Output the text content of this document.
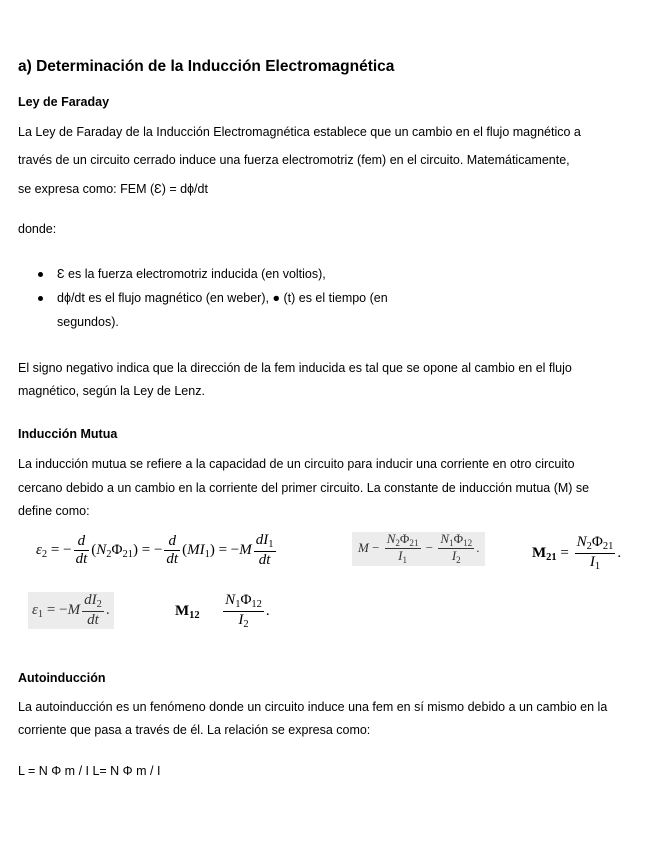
a) Determinación de la Inducción Electromagnética
Ley de Faraday
La Ley de Faraday de la Inducción Electromagnética establece que un cambio en el flujo magnético a
través de un circuito cerrado induce una fuerza electromotriz (fem) en el circuito. Matemáticamente,
se expresa como: FEM (Ɛ) = dϕ/dt
donde:
Ɛ es la fuerza electromotriz inducida (en voltios),
dϕ/dt es el flujo magnético (en weber), ● (t) es el tiempo (en
segundos).
El signo negativo indica que la dirección de la fem inducida es tal que se opone al cambio en el flujo
magnético, según la Ley de Lenz.
Inducción Mutua
La inducción mutua se refiere a la capacidad de un circuito para inducir una corriente en otro circuito
cercano debido a un cambio en la corriente del primer circuito. La constante de inducción mutua (M) se
define como:
$\varepsilon_2$ = − $\frac{d}{dt} (N_2\Phi_{21})$ = − $\frac{d}{dt} (MI_1) = -M \frac{dI_1}{dt}$	$M - \frac{N_2\Phi_{21}}{I_1} - \frac{N_1\Phi_{12}}{I_2}$ .	$M_{21} = \frac{N_2\Phi_{21}}{I_1}$ .
$\varepsilon_1 = -M \frac{dI_2}{dt}$ .	$M_{12} \frac{N_1\Phi_{12}}{I_2}$ .
Autoinducción
La autoinducción es un fenómeno donde un circuito induce una fem en sí mismo debido a un cambio en la
corriente que pasa a través de él. La relación se expresa como:
L = N Φ m / I L= N Φ m / I
